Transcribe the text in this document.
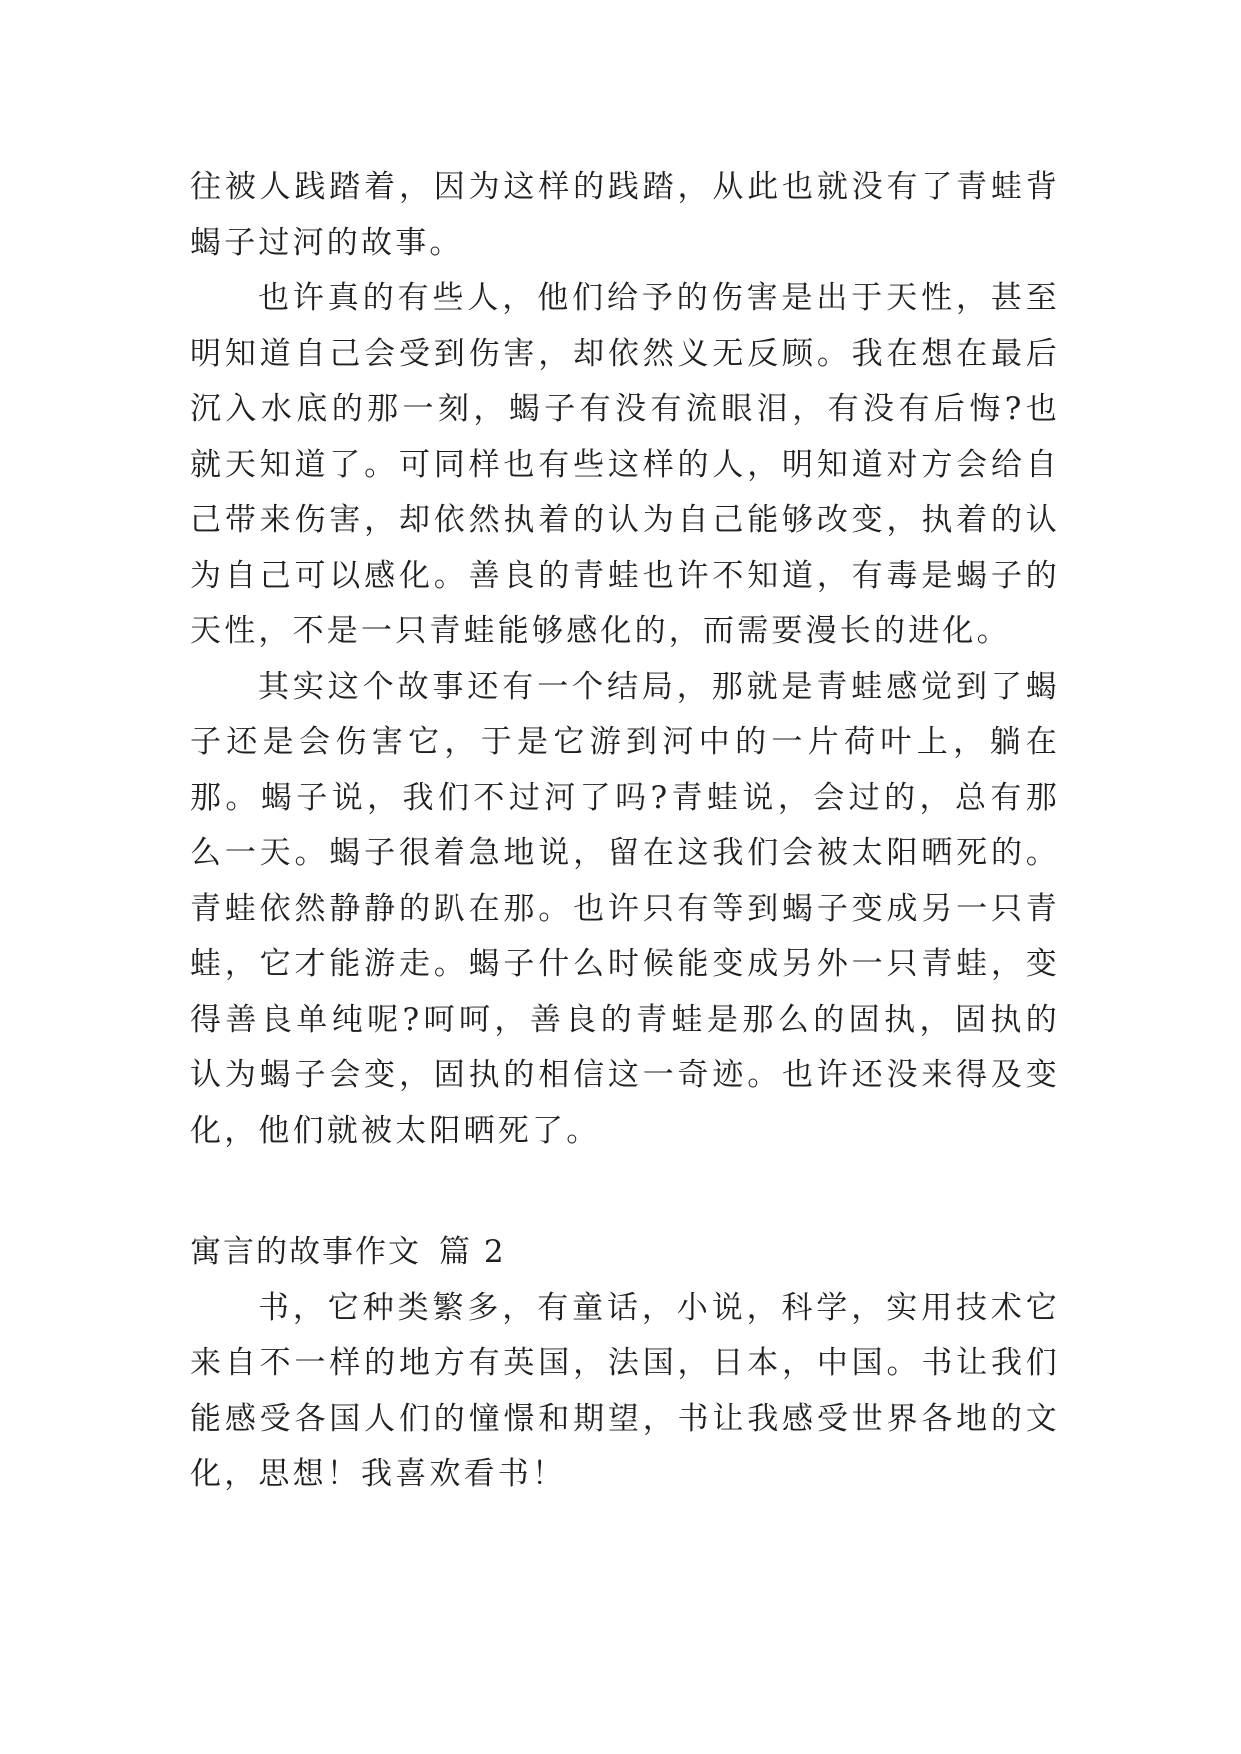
往被人践踏着，因为这样的践踏，从此也就没有了青蛙背蝎子过河的故事。

也许真的有些人，他们给予的伤害是出于天性，甚至明知道自己会受到伤害，却依然义无反顾。我在想在最后沉入水底的那一刻，蝎子有没有流眼泪，有没有后悔?也就天知道了。可同样也有些这样的人，明知道对方会给自己带来伤害，却依然执着的认为自己能够改变，执着的认为自己可以感化。善良的青蛙也许不知道，有毒是蝎子的天性，不是一只青蛙能够感化的，而需要漫长的进化。

其实这个故事还有一个结局，那就是青蛙感觉到了蝎子还是会伤害它，于是它游到河中的一片荷叶上，躺在那。蝎子说，我们不过河了吗?青蛙说，会过的，总有那么一天。蝎子很着急地说，留在这我们会被太阳晒死的。青蛙依然静静的趴在那。也许只有等到蝎子变成另一只青蛙，它才能游走。蝎子什么时候能变成另外一只青蛙，变得善良单纯呢?呵呵，善良的青蛙是那么的固执，固执的认为蝎子会变，固执的相信这一奇迹。也许还没来得及变化，他们就被太阳晒死了。

寓言的故事作文 篇 2

书，它种类繁多，有童话，小说，科学，实用技术它来自不一样的地方有英国，法国，日本，中国。书让我们能感受各国人们的憧憬和期望，书让我感受世界各地的文化，思想！我喜欢看书！
